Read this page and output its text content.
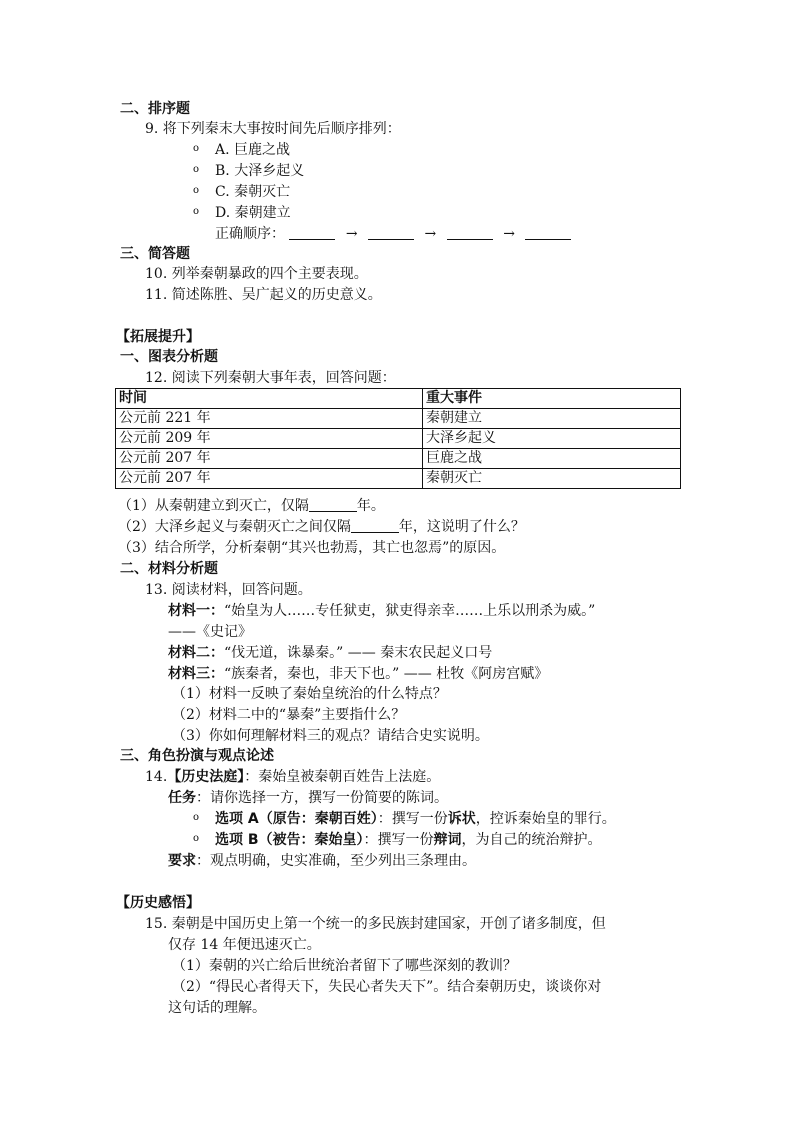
二、排序题
9. 将下列秦末大事按时间先后顺序排列：
o A. 巨鹿之战
o B. 大泽乡起义
o C. 秦朝灭亡
o D. 秦朝建立
正确顺序：	→	→	→
三、简答题
10. 列举秦朝暴政的四个主要表现。
11. 简述陈胜、吴广起义的历史意义。
【拓展提升】
一、图表分析题
12. 阅读下列秦朝大事年表，回答问题：
时间	重大事件
公元前 221 年	秦朝建立
公元前 209 年	大泽乡起义
公元前 207 年	巨鹿之战
公元前 207 年	秦朝灭亡
（1）从秦朝建立到灭亡，仅隔	年。
（2）大泽乡起义与秦朝灭亡之间仅隔	年，这说明了什么？
（3）结合所学，分析秦朝“其兴也勃焉，其亡也忽焉”的原因。
二、材料分析题
13. 阅读材料，回答问题。
材料一：“始皇为人……专任狱吏，狱吏得亲幸……上乐以刑杀为威。”
——《史记》
材料二：“伐无道，诛暴秦。” —— 秦末农民起义口号
材料三：“族秦者，秦也，非天下也。” —— 杜牧《阿房宫赋》
（1）材料一反映了秦始皇统治的什么特点？
（2）材料二中的“暴秦”主要指什么？
（3）你如何理解材料三的观点？请结合史实说明。
三、角色扮演与观点论述
14.【历史法庭】：秦始皇被秦朝百姓告上法庭。
任务：请你选择一方，撰写一份简要的陈词。
o 选项 A（原告：秦朝百姓）：撰写一份诉状，控诉秦始皇的罪行。
o 选项 B（被告：秦始皇）：撰写一份辩词，为自己的统治辩护。
要求：观点明确，史实准确，至少列出三条理由。
【历史感悟】
15. 秦朝是中国历史上第一个统一的多民族封建国家，开创了诸多制度，但
仅存 14 年便迅速灭亡。
（1）秦朝的兴亡给后世统治者留下了哪些深刻的教训？
（2）“得民心者得天下，失民心者失天下”。结合秦朝历史，谈谈你对
这句话的理解。
